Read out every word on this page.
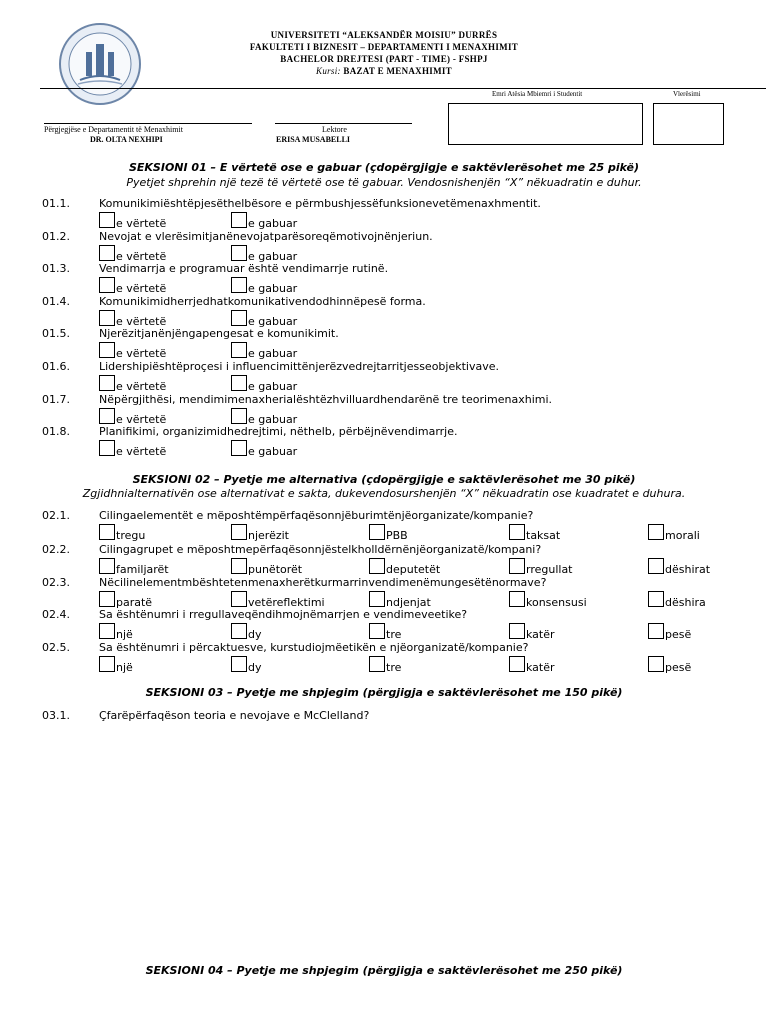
UNIVERSITETI “ALEKSANDËR MOISIU” DURRËS
FAKULTETI I BIZNESIT – DEPARTAMENTI I MENAXHIMIT
BACHELOR DREJTESI (PART - TIME) - FSHPJ
Kursi: BAZAT E MENAXHIMIT
Emri Atësia Mbiemri i Studentit	Vlerësimi
Përgjegjëse e Departamentit të Menaxhimit
DR. OLTA NEXHIPI
Lektore
ERISA MUSABELLI
SEKSIONI 01 – E vërtetë ose e gabuar (çdopërgjigje e saktëvlerësohet me 25 pikë)
Pyetjet shprehin një tezë të vërtetë ose të gabuar. Vendosnishenjën “X” nëkuadratin e duhur.
01.1.	Komunikimiështëpjesëthelbësore e përmbushjessëfunksionevetëmenaxhmentit.
e vërtetë	e gabuar
01.2.	Nevojat e vlerësimitjanënevojatparësoreqëmotivojnënjeriun.
e vërtetë	e gabuar
01.3.	Vendimarrja e programuar është vendimarrje rutinë.
e vërtetë	e gabuar
01.4.	Komunikimidherrjedhatkomunikativendodhinnëpesë forma.
e vërtetë	e gabuar
01.5.	Njerëzitjanënjëngapengesat e komunikimit.
e vërtetë	e gabuar
01.6.	Lidershipiështëproçesi i influencimittënjerëzvedrejtarritjesseobjektivave.
e vërtetë	e gabuar
01.7.	Nëpërgjithësi, mendimimenaxherialështëzhvilluardhendarënë tre teorimenaxhimi.
e vërtetë	e gabuar
01.8.	Planifikimi, organizimidhedrejtimi, nëthelb, përbëjnëvendimarrje.
e vërtetë	e gabuar
SEKSIONI 02 – Pyetje me alternativa (çdopërgjigje e saktëvlerësohet me 30 pikë)
Zgjidhnialternativën ose alternativat e sakta, dukevendosurshenjën “X” nëkuadratin ose kuadratet e duhura.
02.1.	Cilingaelementët e mëposhtëmpërfaqësonnjëburimtënjëorganizate/kompanie?
tregu	njerëzit	PBB	taksat	morali
02.2.	Cilingagrupet e mëposhtmepërfaqësonnjëstelkholldërnënjëorganizatë/kompani?
familjarët	punëtorët	deputetët	rregullat	dëshirat
02.3.	Nëcilinelementmbështetenmenaxherëtkurmarrinvendimenëmungesëtënormave?
paratë	vetëreflektimi	ndjenjat	konsensusi	dëshira
02.4.	Sa ështënumri i rregullaveqëndihmojnëmarrjen e vendimeveetike?
një	dy	tre	katër	pesë
02.5.	Sa ështënumri i përcaktuesve, kurstudiojmëetikën e njëorganizatë/kompanie?
një	dy	tre	katër	pesë
SEKSIONI 03 – Pyetje me shpjegim (përgjigja e saktëvlerësohet me 150 pikë)
03.1.	Çfarëpërfaqëson teoria e nevojave e McClelland?
SEKSIONI 04 – Pyetje me shpjegim (përgjigja e saktëvlerësohet me 250 pikë)
